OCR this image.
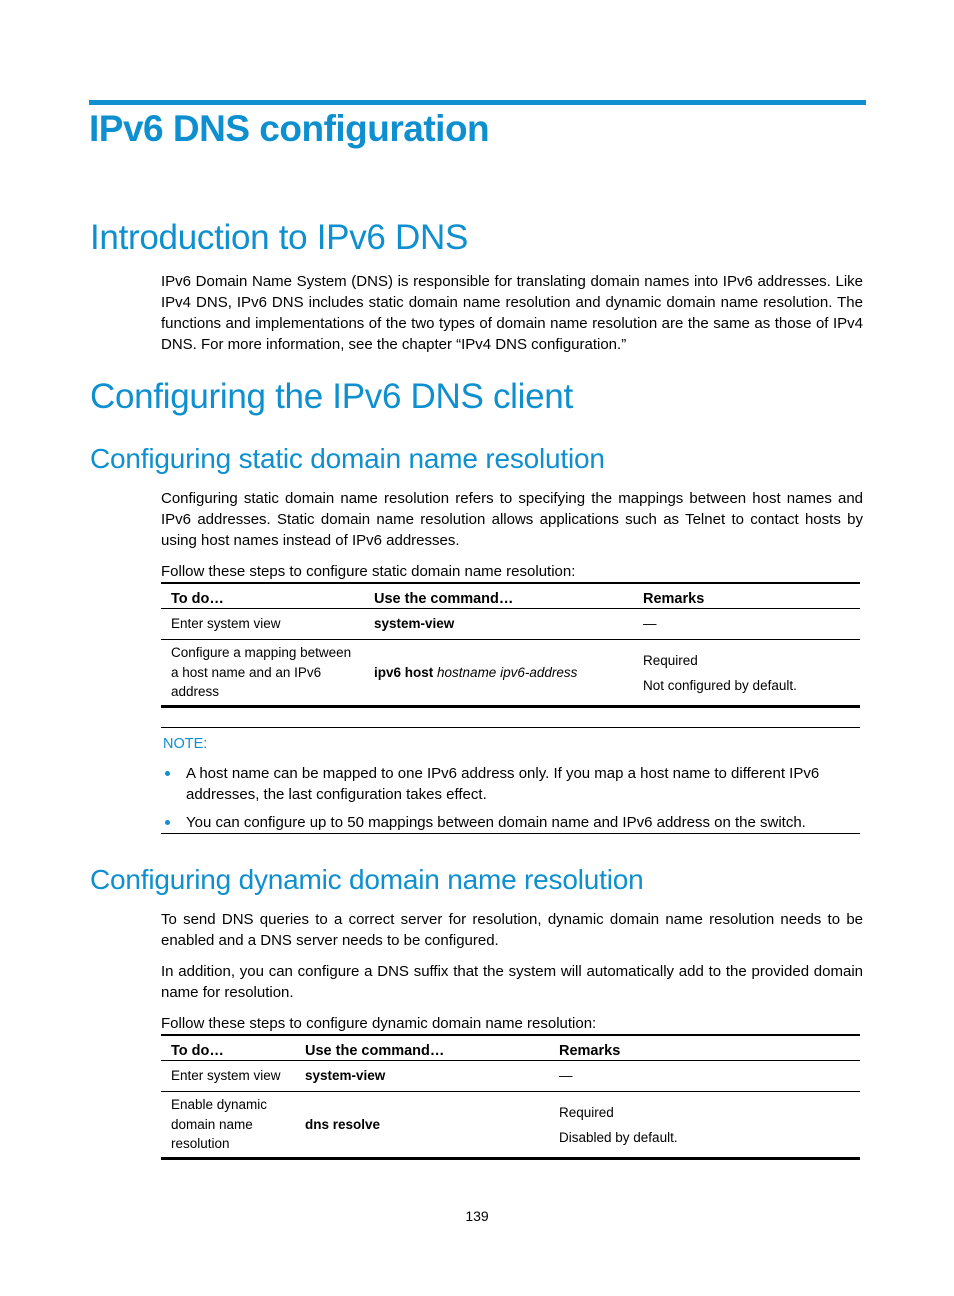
IPv6 DNS configuration
Introduction to IPv6 DNS

IPv6 Domain Name System (DNS) is responsible for translating domain names into IPv6 addresses. Like IPv4 DNS, IPv6 DNS includes static domain name resolution and dynamic domain name resolution. The functions and implementations of the two types of domain name resolution are the same as those of IPv4 DNS. For more information, see the chapter “IPv4 DNS configuration.”

Configuring the IPv6 DNS client
Configuring static domain name resolution

Configuring static domain name resolution refers to specifying the mappings between host names and IPv6 addresses. Static domain name resolution allows applications such as Telnet to contact hosts by using host names instead of IPv6 addresses.

Follow these steps to configure static domain name resolution:

To do…	Use the command…	Remarks
Enter system view	system-view	—
Configure a mapping between a host name and an IPv6 address	ipv6 host hostname ipv6-address	Required
Not configured by default.
NOTE:
A host name can be mapped to one IPv6 address only. If you map a host name to different IPv6 addresses, the last configuration takes effect.
You can configure up to 50 mappings between domain name and IPv6 address on the switch.
Configuring dynamic domain name resolution

To send DNS queries to a correct server for resolution, dynamic domain name resolution needs to be enabled and a DNS server needs to be configured.

In addition, you can configure a DNS suffix that the system will automatically add to the provided domain name for resolution.

Follow these steps to configure dynamic domain name resolution:

To do…	Use the command…	Remarks
Enter system view	system-view	—
Enable dynamic domain name resolution	dns resolve	Required
Disabled by default.
139
